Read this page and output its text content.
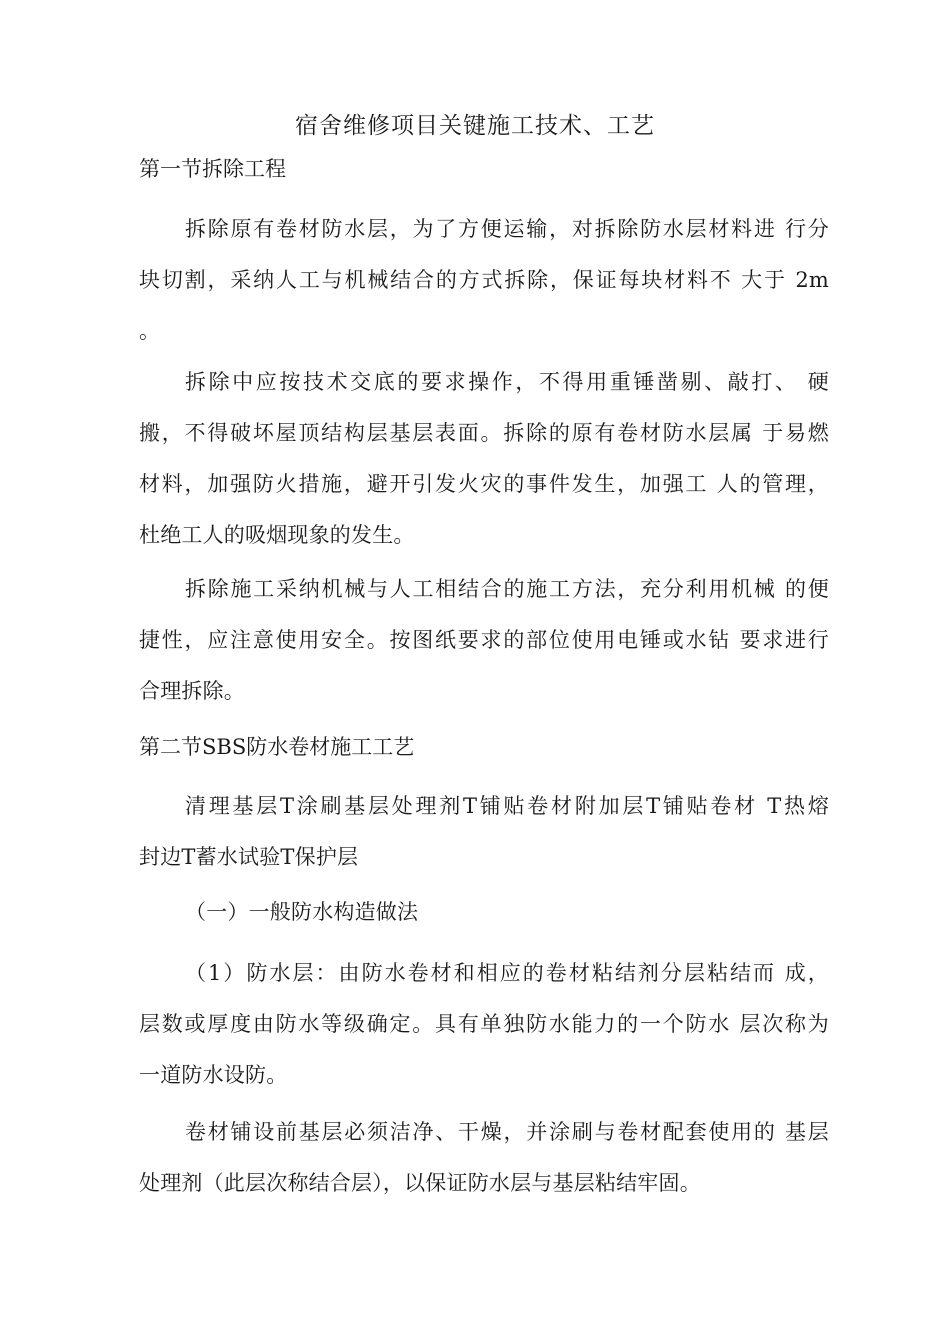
宿舍维修项目关键施工技术、工艺
第一节拆除工程
拆除原有卷材防水层，为了方便运输，对拆除防水层材料进 行分
块切割，采纳人工与机械结合的方式拆除，保证每块材料不 大于 2m
。
拆除中应按技术交底的要求操作，不得用重锤凿剔、敲打、 硬
搬，不得破坏屋顶结构层基层表面。拆除的原有卷材防水层属 于易燃
材料，加强防火措施，避开引发火灾的事件发生，加强工 人的管理，
杜绝工人的吸烟现象的发生。
拆除施工采纳机械与人工相结合的施工方法，充分利用机械 的便
捷性，应注意使用安全。按图纸要求的部位使用电锤或水钻 要求进行
合理拆除。
第二节SBS防水卷材施工工艺
清理基层T涂刷基层处理剂T铺贴卷材附加层T铺贴卷材 T热熔
封边T蓄水试验T保护层
（一）一般防水构造做法
（1）防水层：由防水卷材和相应的卷材粘结剂分层粘结而 成，
层数或厚度由防水等级确定。具有单独防水能力的一个防水 层次称为
一道防水设防。
卷材铺设前基层必须洁净、干燥，并涂刷与卷材配套使用的 基层
处理剂（此层次称结合层），以保证防水层与基层粘结牢固。
